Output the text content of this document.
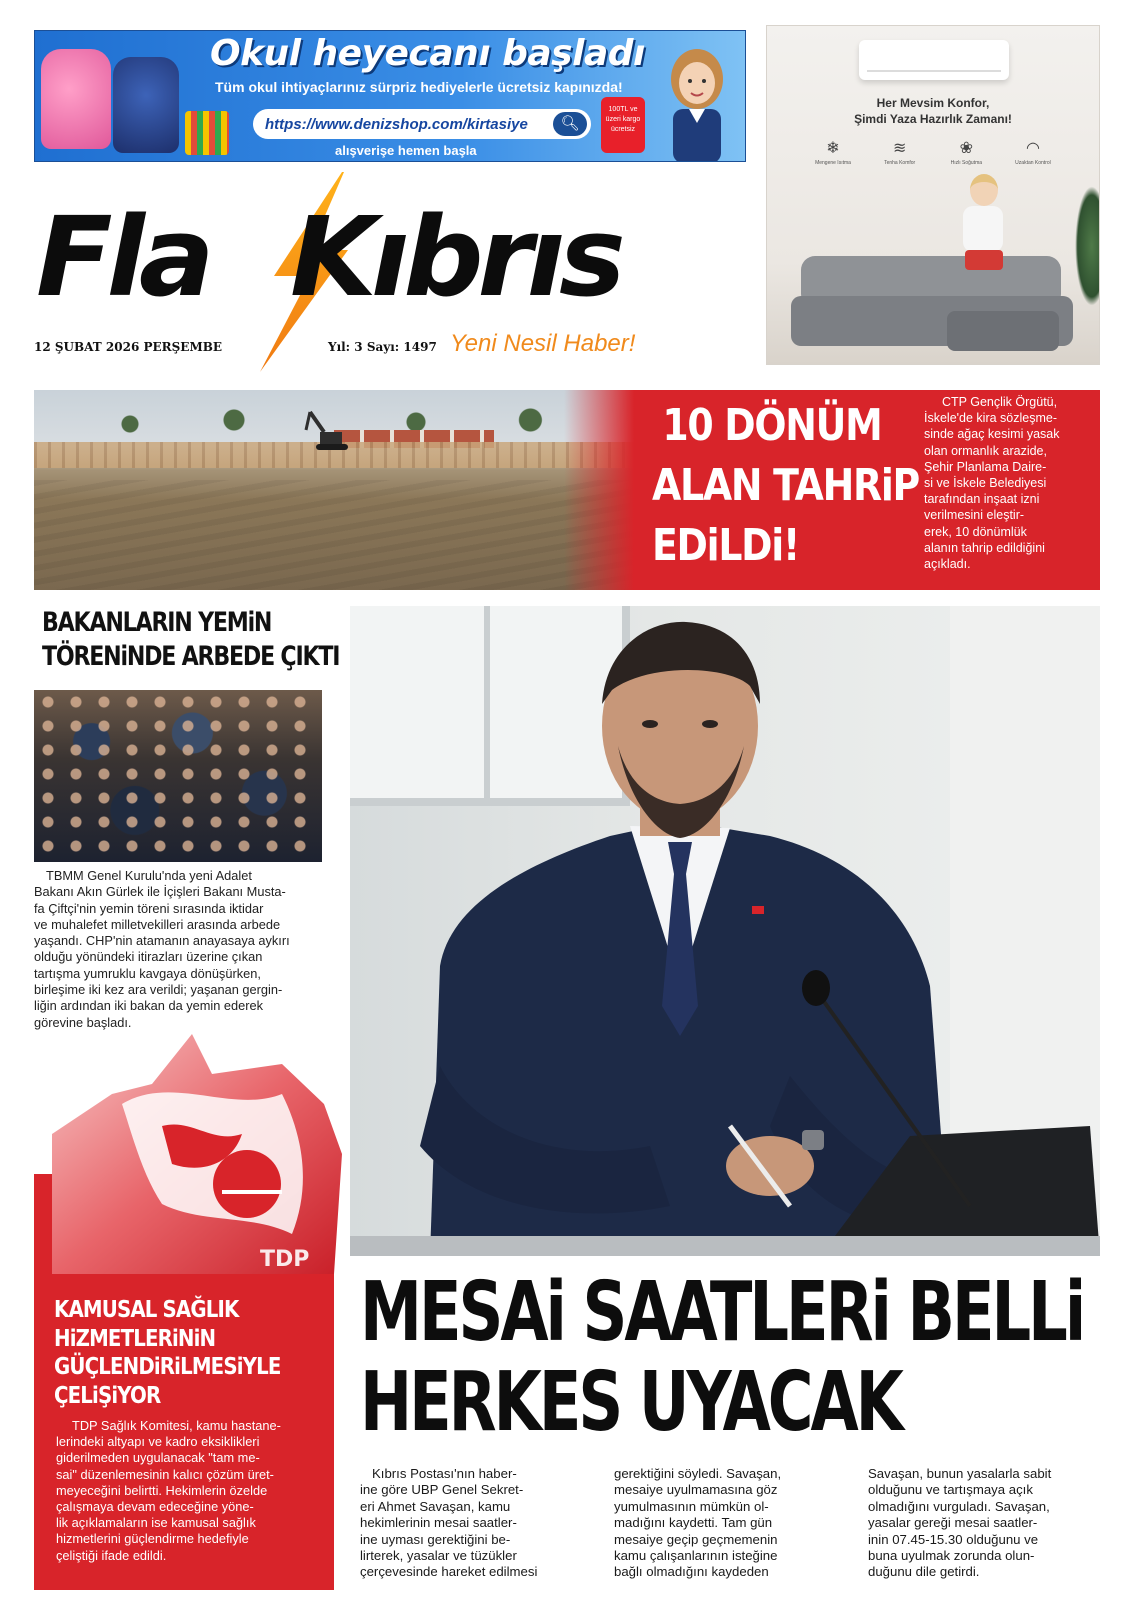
Okul heyecanı başladı
Tüm okul ihtiyaçlarınız sürpriz hediyelerle ücretsiz kapınızda!
https://www.denizshop.com/kirtasiye	🔍︎
alışverişe hemen başla
100TL ve üzeri kargo ücretsiz
Her Mevsim Konfor,
Şimdi Yaza Hazırlık Zamanı!
❄︎
Mengene Isıtma
≋
Tenha Komfor
❀
Hızlı Soğutma
◠
Uzaktan Kontrol
Fla Kıbrıs
12 ŞUBAT 2026 PERŞEMBE	Yıl: 3 Sayı: 1497 Yeni Nesil Haber!
10 DÖNÜM
ALAN TAHRiP
EDiLDi!
CTP Gençlik Örgütü,
İskele'de kira sözleşme-
sinde ağaç kesimi yasak
olan ormanlık arazide,
Şehir Planlama Daire-
si ve İskele Belediyesi
tarafından inşaat izni
verilmesini eleştir-
erek, 10 dönümlük
alanın tahrip edildiğini
açıkladı.
BAKANLARIN YEMiN
TÖRENiNDE ARBEDE ÇIKTI
TBMM Genel Kurulu'nda yeni Adalet
Bakanı Akın Gürlek ile İçişleri Bakanı Musta-
fa Çiftçi'nin yemin töreni sırasında iktidar
ve muhalefet milletvekilleri arasında arbede
yaşandı. CHP'nin atamanın anayasaya aykırı
olduğu yönündeki itirazları üzerine çıkan
tartışma yumruklu kavgaya dönüşürken,
birleşime iki kez ara verildi; yaşanan gergin-
liğin ardından iki bakan da yemin ederek
görevine başladı.
KAMUSAL SAĞLIK
HiZMETLERiNiN
GÜÇLENDiRiLMESiYLE
ÇELiŞiYOR
TDP Sağlık Komitesi, kamu hastane-
lerindeki altyapı ve kadro eksiklikleri
giderilmeden uygulanacak "tam me-
sai" düzenlemesinin kalıcı çözüm üret-
meyeceğini belirtti. Hekimlerin özelde
çalışmaya devam edeceğine yöne-
lik açıklamaların ise kamusal sağlık
hizmetlerini güçlendirme hedefiyle
çeliştiği ifade edildi.
TDP
MESAi SAATLERi BELLi
HERKES UYACAK
Kıbrıs Postası'nın haber-
ine göre UBP Genel Sekret-
eri Ahmet Savaşan, kamu
hekimlerinin mesai saatler-
ine uyması gerektiğini be-
lirterek, yasalar ve tüzükler
çerçevesinde hareket edilmesi
gerektiğini söyledi. Savaşan,
mesaiye uyulmamasına göz
yumulmasının mümkün ol-
madığını kaydetti. Tam gün
mesaiye geçip geçmemenin
kamu çalışanlarının isteğine
bağlı olmadığını kaydeden
Savaşan, bunun yasalarla sabit
olduğunu ve tartışmaya açık
olmadığını vurguladı. Savaşan,
yasalar gereği mesai saatler-
inin 07.45-15.30 olduğunu ve
buna uyulmak zorunda olun-
duğunu dile getirdi.
